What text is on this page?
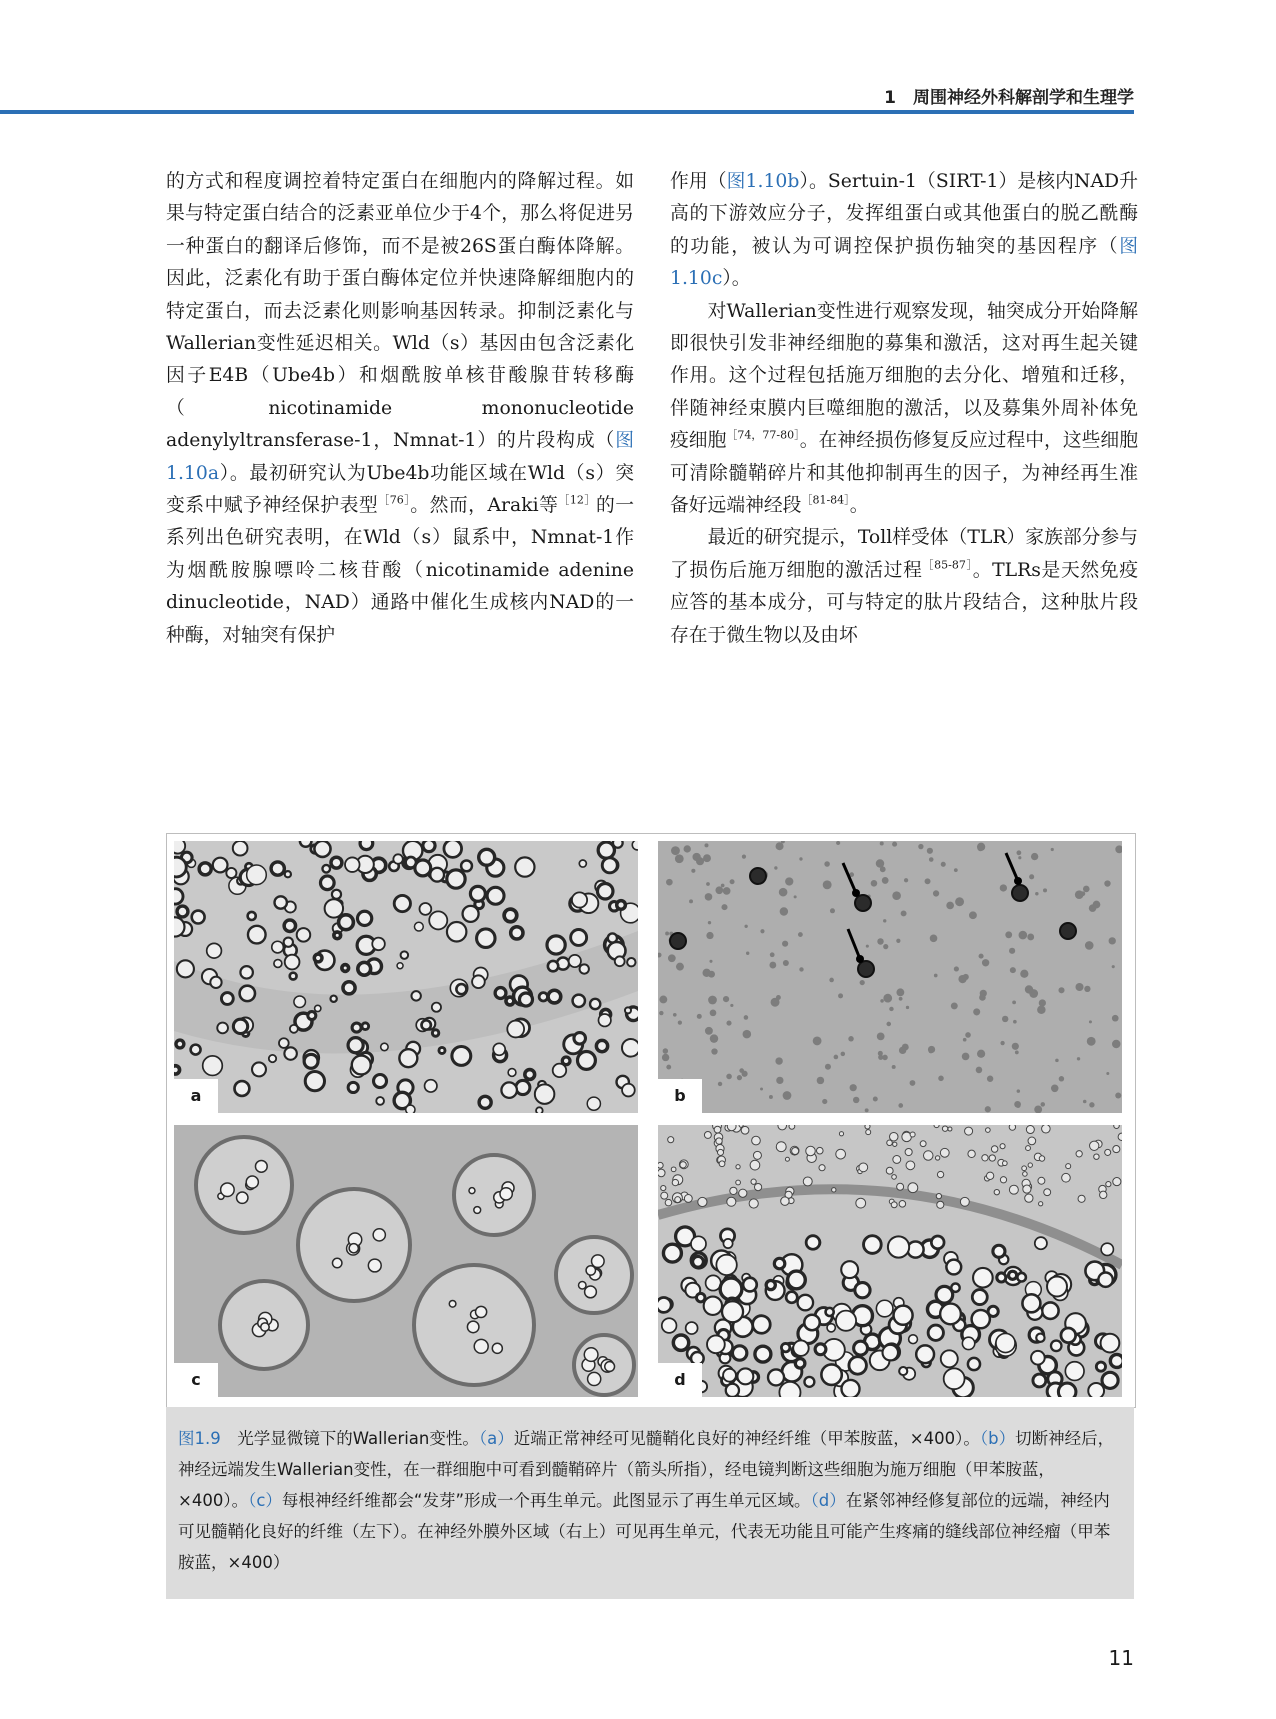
1　周围神经外科解剖学和生理学

的方式和程度调控着特定蛋白在细胞内的降解过程。如果与特定蛋白结合的泛素亚单位少于4个，那么将促进另一种蛋白的翻译后修饰，而不是被26S蛋白酶体降解。因此，泛素化有助于蛋白酶体定位并快速降解细胞内的特定蛋白，而去泛素化则影响基因转录。抑制泛素化与Wallerian变性延迟相关。Wld（s）基因由包含泛素化因子E4B（Ube4b）和烟酰胺单核苷酸腺苷转移酶（nicotinamide mononucleotide adenylyltransferase-1，Nmnat-1）的片段构成（图1.10a）。最初研究认为Ube4b功能区域在Wld（s）突变系中赋予神经保护表型$^{[76]}$。然而，Araki等$^{[12]}$的一系列出色研究表明，在Wld（s）鼠系中，Nmnat-1作为烟酰胺腺嘌呤二核苷酸（nicotinamide adenine dinucleotide，NAD）通路中催化生成核内NAD的一种酶，对轴突有保护

作用（图1.10b）。Sertuin-1（SIRT-1）是核内NAD升高的下游效应分子，发挥组蛋白或其他蛋白的脱乙酰酶的功能，被认为可调控保护损伤轴突的基因程序（图1.10c）。

对Wallerian变性进行观察发现，轴突成分开始降解即很快引发非神经细胞的募集和激活，这对再生起关键作用。这个过程包括施万细胞的去分化、增殖和迁移，伴随神经束膜内巨噬细胞的激活，以及募集外周补体免疫细胞$^{[74,77-80]}$。在神经损伤修复反应过程中，这些细胞可清除髓鞘碎片和其他抑制再生的因子，为神经再生准备好远端神经段$^{[81-84]}$。

最近的研究提示，Toll样受体（TLR）家族部分参与了损伤后施万细胞的激活过程$^{[85-87]}$。TLRs是天然免疫应答的基本成分，可与特定的肽片段结合，这种肽片段存在于微生物以及由坏

a	b
c	d
图1.9　光学显微镜下的Wallerian变性。（a）近端正常神经可见髓鞘化良好的神经纤维（甲苯胺蓝，×400）。（b）切断神经后，神经远端发生Wallerian变性，在一群细胞中可看到髓鞘碎片（箭头所指），经电镜判断这些细胞为施万细胞（甲苯胺蓝，×400）。（c）每根神经纤维都会“发芽”形成一个再生单元。此图显示了再生单元区域。（d）在紧邻神经修复部位的远端，神经内可见髓鞘化良好的纤维（左下）。在神经外膜外区域（右上）可见再生单元，代表无功能且可能产生疼痛的缝线部位神经瘤（甲苯胺蓝，×400）
11
